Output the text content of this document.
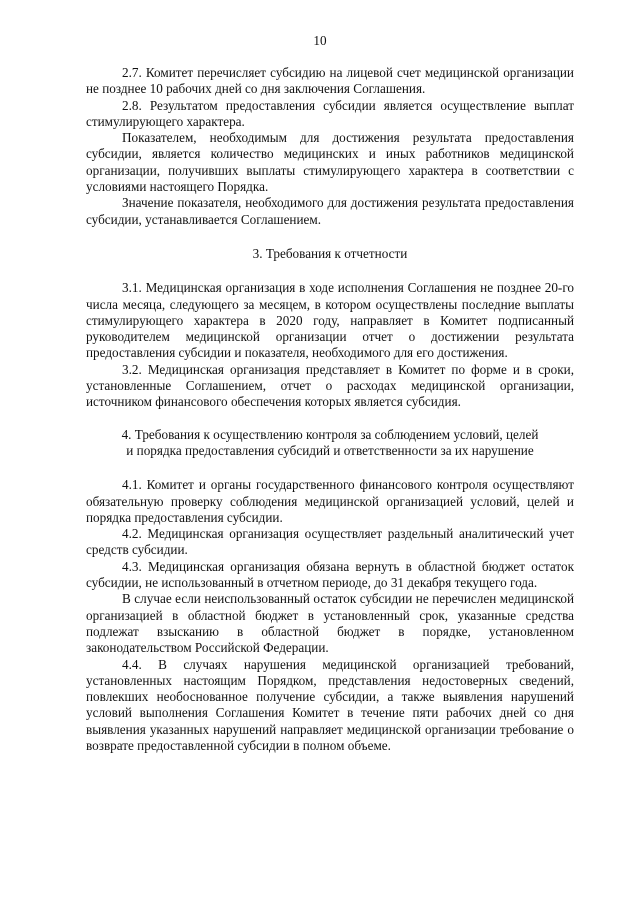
10

2.7. Комитет перечисляет субсидию на лицевой счет медицинской организации не позднее 10 рабочих дней со дня заключения Соглашения.

2.8. Результатом предоставления субсидии является осуществление выплат стимулирующего характера.

Показателем, необходимым для достижения результата предоставления субсидии, является количество медицинских и иных работников медицинской организации, получивших выплаты стимулирующего характера в соответствии с условиями настоящего Порядка.

Значение показателя, необходимого для достижения результата предоставления субсидии, устанавливается Соглашением.

3. Требования к отчетности

3.1. Медицинская организация в ходе исполнения Соглашения не позднее 20-го числа месяца, следующего за месяцем, в котором осуществлены последние выплаты стимулирующего характера в 2020 году, направляет в Комитет подписанный руководителем медицинской организации отчет о достижении результата предоставления субсидии и показателя, необходимого для его достижения.

3.2. Медицинская организация представляет в Комитет по форме и в сроки, установленные Соглашением, отчет о расходах медицинской организации, источником финансового обеспечения которых является субсидия.

4. Требования к осуществлению контроля за соблюдением условий, целей
и порядка предоставления субсидий и ответственности за их нарушение

4.1. Комитет и органы государственного финансового контроля осуществляют обязательную проверку соблюдения медицинской организацией условий, целей и порядка предоставления субсидии.

4.2. Медицинская организация осуществляет раздельный аналитический учет средств субсидии.

4.3. Медицинская организация обязана вернуть в областной бюджет остаток субсидии, не использованный в отчетном периоде, до 31 декабря текущего года.

В случае если неиспользованный остаток субсидии не перечислен медицинской организацией в областной бюджет в установленный срок, указанные средства подлежат взысканию в областной бюджет в порядке, установленном законодательством Российской Федерации.

4.4. В случаях нарушения медицинской организацией требований, установленных настоящим Порядком, представления недостоверных сведений, повлекших необоснованное получение субсидии, а также выявления нарушений условий выполнения Соглашения Комитет в течение пяти рабочих дней со дня выявления указанных нарушений направляет медицинской организации требование о возврате предоставленной субсидии в полном объеме.
